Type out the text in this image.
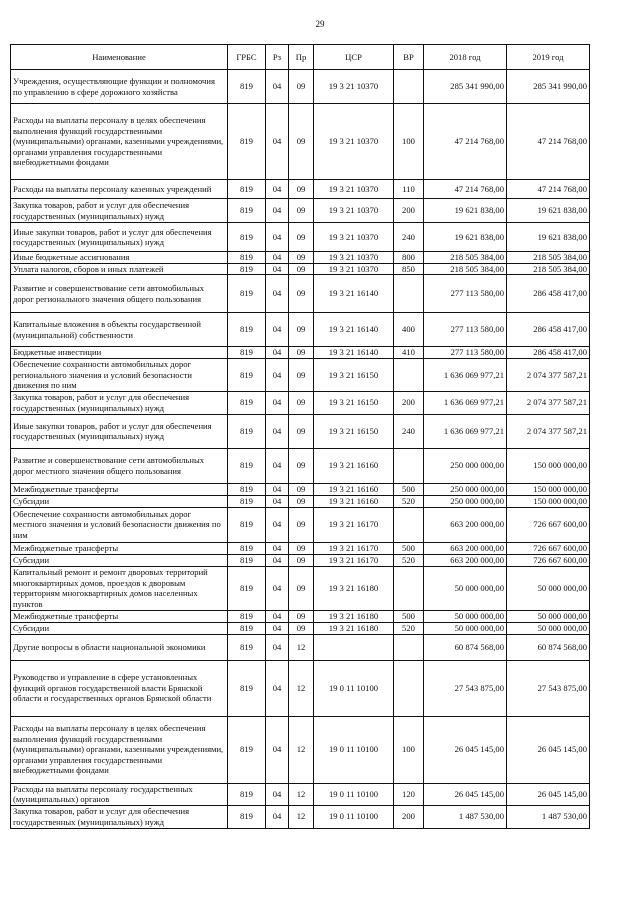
29
Наименование	ГРБС	Рз	Пр	ЦСР	ВР	2018 год	2019 год
Учреждения, осуществляющие функции и полномочия по управлению в сфере дорожного хозяйства	819	04	09	19 3 21 10370		285 341 990,00	285 341 990,00
Расходы на выплаты персоналу в целях обеспечения выполнения функций государственными (муниципальными) органами, казенными учреждениями, органами управления государственными внебюджетными фондами	819	04	09	19 3 21 10370	100	47 214 768,00	47 214 768,00
Расходы на выплаты персоналу казенных учреждений	819	04	09	19 3 21 10370	110	47 214 768,00	47 214 768,00
Закупка товаров, работ и услуг для обеспечения государственных (муниципальных) нужд	819	04	09	19 3 21 10370	200	19 621 838,00	19 621 838,00
Иные закупки товаров, работ и услуг для обеспечения государственных (муниципальных) нужд	819	04	09	19 3 21 10370	240	19 621 838,00	19 621 838,00
Иные бюджетные ассигнования	819	04	09	19 3 21 10370	800	218 505 384,00	218 505 384,00
Уплата налогов, сборов и иных платежей	819	04	09	19 3 21 10370	850	218 505 384,00	218 505 384,00
Развитие и совершенствование сети автомобильных дорог регионального значения общего пользования	819	04	09	19 3 21 16140		277 113 580,00	286 458 417,00
Капитальные вложения в объекты государственной (муниципальной) собственности	819	04	09	19 3 21 16140	400	277 113 580,00	286 458 417,00
Бюджетные инвестиции	819	04	09	19 3 21 16140	410	277 113 580,00	286 458 417,00
Обеспечение сохранности автомобильных дорог регионального значения и условий безопасности движения по ним	819	04	09	19 3 21 16150		1 636 069 977,21	2 074 377 587,21
Закупка товаров, работ и услуг для обеспечения государственных (муниципальных) нужд	819	04	09	19 3 21 16150	200	1 636 069 977,21	2 074 377 587,21
Иные закупки товаров, работ и услуг для обеспечения государственных (муниципальных) нужд	819	04	09	19 3 21 16150	240	1 636 069 977,21	2 074 377 587,21
Развитие и совершенствование сети автомобильных дорог местного значения общего пользования	819	04	09	19 3 21 16160		250 000 000,00	150 000 000,00
Межбюджетные трансферты	819	04	09	19 3 21 16160	500	250 000 000,00	150 000 000,00
Субсидии	819	04	09	19 3 21 16160	520	250 000 000,00	150 000 000,00
Обеспечение сохранности автомобильных дорог местного значения и условий безопасности движения по ним	819	04	09	19 3 21 16170		663 200 000,00	726 667 600,00
Межбюджетные трансферты	819	04	09	19 3 21 16170	500	663 200 000,00	726 667 600,00
Субсидии	819	04	09	19 3 21 16170	520	663 200 000,00	726 667 600,00
Капитальный ремонт и ремонт дворовых территорий многоквартирных домов, проездов к дворовым территориям многоквартирных домов населенных пунктов	819	04	09	19 3 21 16180		50 000 000,00	50 000 000,00
Межбюджетные трансферты	819	04	09	19 3 21 16180	500	50 000 000,00	50 000 000,00
Субсидии	819	04	09	19 3 21 16180	520	50 000 000,00	50 000 000,00
Другие вопросы в области национальной экономики	819	04	12			60 874 568,00	60 874 568,00
Руководство и управление в сфере установленных функций органов государственной власти Брянской области и государственных органов Брянской области	819	04	12	19 0 11 10100		27 543 875,00	27 543 875,00
Расходы на выплаты персоналу в целях обеспечения выполнения функций государственными (муниципальными) органами, казенными учреждениями, органами управления государственными внебюджетными фондами	819	04	12	19 0 11 10100	100	26 045 145,00	26 045 145,00
Расходы на выплаты персоналу государственных (муниципальных) органов	819	04	12	19 0 11 10100	120	26 045 145,00	26 045 145,00
Закупка товаров, работ и услуг для обеспечения государственных (муниципальных) нужд	819	04	12	19 0 11 10100	200	1 487 530,00	1 487 530,00
